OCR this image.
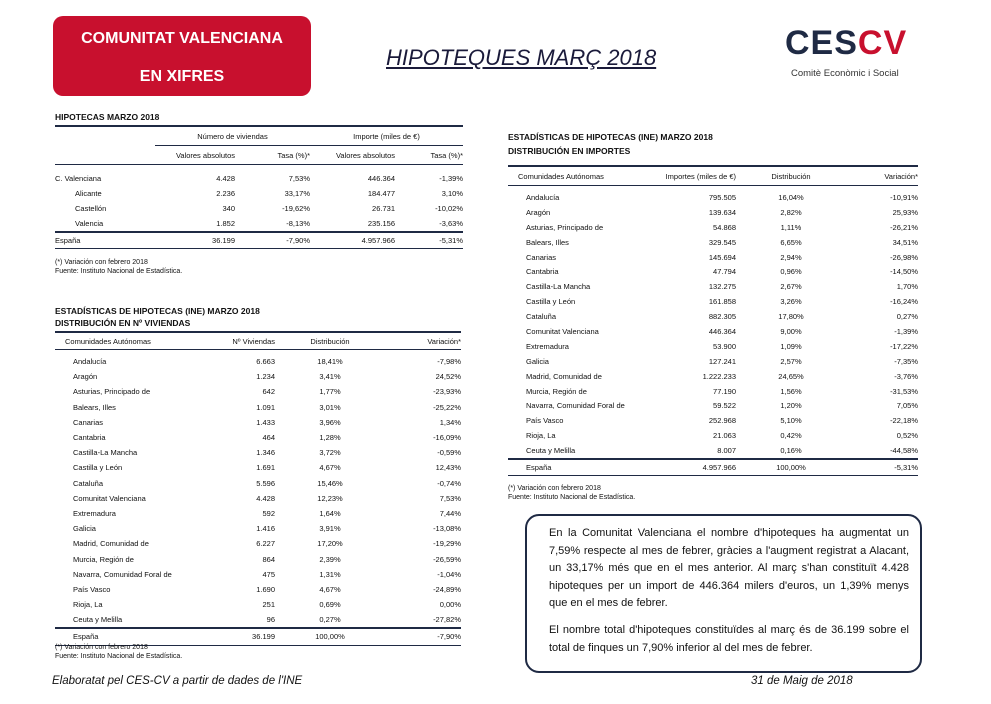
COMUNITAT VALENCIANA
EN XIFRES
HIPOTEQUES MARÇ 2018	CESCV
Comitè Econòmic i Social
HIPOTECAS MARZO 2018
	Número de viviendas		Importe (miles de €)	
	Valores absolutos	Tasa (%)*	Valores absolutos	Tasa (%)*

C. Valenciana	4.428	7,53%	446.364	-1,39%
Alicante	2.236	33,17%	184.477	3,10%
Castellón	340	-19,62%	26.731	-10,02%
Valencia	1.852	-8,13%	235.156	-3,63%
España	36.199	-7,90%	4.957.966	-5,31%
(*) Variación con febrero 2018
Fuente: Instituto Nacional de Estadística.
ESTADÍSTICAS DE HIPOTECAS (INE) MARZO 2018
DISTRIBUCIÓN EN Nº VIVIENDAS
Comunidades Autónomas	Nº Viviendas	Distribución	Variación*

Andalucía	6.663	18,41%	-7,98%
Aragón	1.234	3,41%	24,52%
Asturias, Principado de	642	1,77%	-23,93%
Balears, Illes	1.091	3,01%	-25,22%
Canarias	1.433	3,96%	1,34%
Cantabria	464	1,28%	-16,09%
Castilla-La Mancha	1.346	3,72%	-0,59%
Castilla y León	1.691	4,67%	12,43%
Cataluña	5.596	15,46%	-0,74%
Comunitat Valenciana	4.428	12,23%	7,53%
Extremadura	592	1,64%	7,44%
Galicia	1.416	3,91%	-13,08%
Madrid, Comunidad de	6.227	17,20%	-19,29%
Murcia, Región de	864	2,39%	-26,59%
Navarra, Comunidad Foral de	475	1,31%	-1,04%
País Vasco	1.690	4,67%	-24,89%
Rioja, La	251	0,69%	0,00%
Ceuta y Melilla	96	0,27%	-27,82%
España	36.199	100,00%	-7,90%
(*) Variación con febrero 2018
Fuente: Instituto Nacional de Estadística.
ESTADÍSTICAS DE HIPOTECAS (INE) MARZO 2018
DISTRIBUCIÓN EN IMPORTES
Comunidades Autónomas	Importes (miles de €)	Distribución	Variación*

Andalucía	795.505	16,04%	-10,91%
Aragón	139.634	2,82%	25,93%
Asturias, Principado de	54.868	1,11%	-26,21%
Balears, Illes	329.545	6,65%	34,51%
Canarias	145.694	2,94%	-26,98%
Cantabria	47.794	0,96%	-14,50%
Castilla-La Mancha	132.275	2,67%	1,70%
Castilla y León	161.858	3,26%	-16,24%
Cataluña	882.305	17,80%	0,27%
Comunitat Valenciana	446.364	9,00%	-1,39%
Extremadura	53.900	1,09%	-17,22%
Galicia	127.241	2,57%	-7,35%
Madrid, Comunidad de	1.222.233	24,65%	-3,76%
Murcia, Región de	77.190	1,56%	-31,53%
Navarra, Comunidad Foral de	59.522	1,20%	7,05%
País Vasco	252.968	5,10%	-22,18%
Rioja, La	21.063	0,42%	0,52%
Ceuta y Melilla	8.007	0,16%	-44,58%
España	4.957.966	100,00%	-5,31%
(*) Variación con febrero 2018
Fuente: Instituto Nacional de Estadística.

En la Comunitat Valenciana el nombre d'hipoteques ha augmentat un 7,59% respecte al mes de febrer, gràcies a l'augment registrat a Alacant, un 33,17% més que en el mes anterior. Al març s'han constituït 4.428 hipoteques per un import de 446.364 milers d'euros, un 1,39% menys que en el mes de febrer.

El nombre total d'hipoteques constituïdes al març és de 36.199 sobre el total de finques un 7,90% inferior al del mes de febrer.

Elaboratat pel CES-CV a partir de dades de l'INE	31 de Maig de 2018
